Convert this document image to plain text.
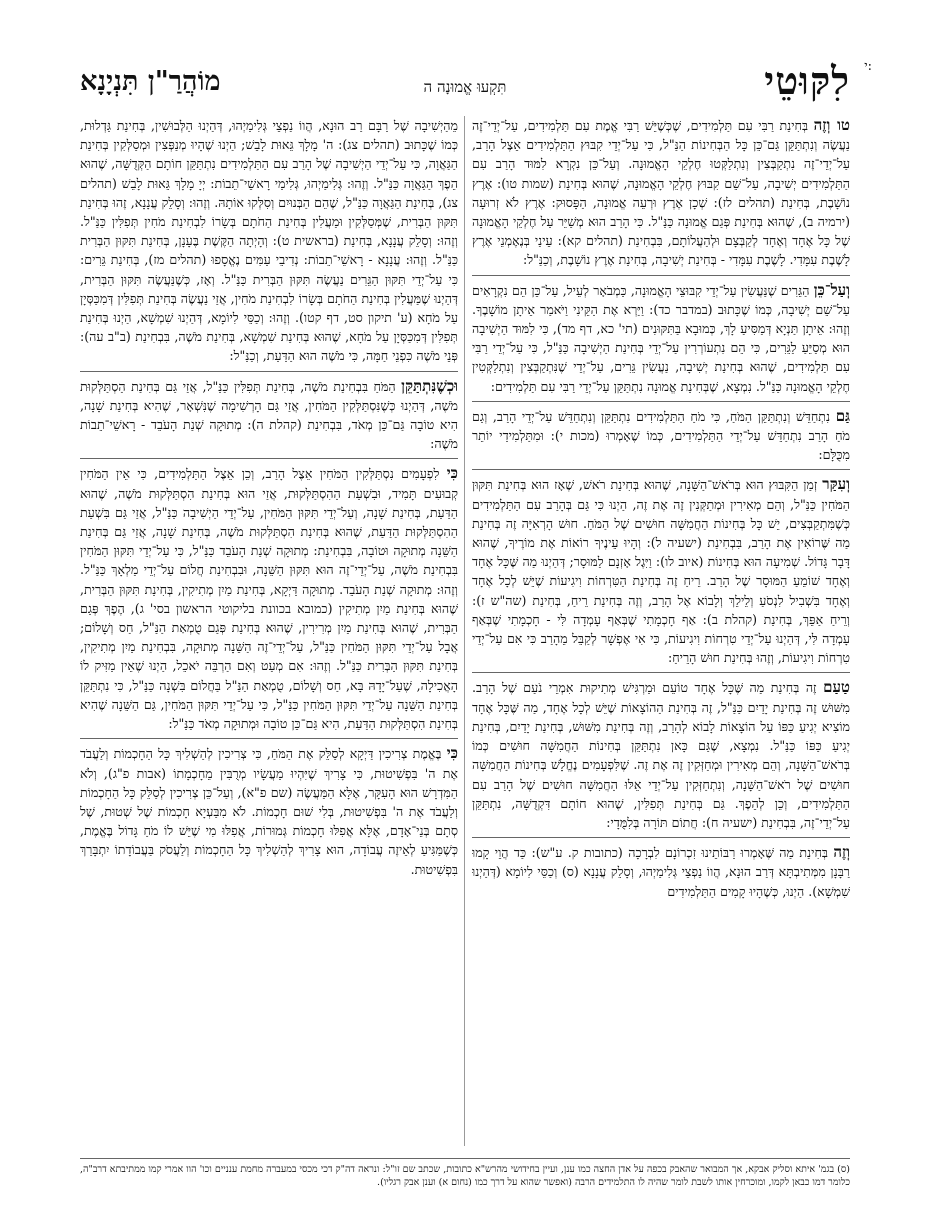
י:
לִקּוּטֵי
תִּקְעוּ אֱמוּנָה ה
מוֹהֲרַ"ן תִּנְיָנָא

טו וְזֶה בְּחִינַת רַבִּי עִם תַּלְמִידִים, שֶׁכְּשֶׁיֵּשׁ רַבִּי אֱמֶת עִם תַּלְמִידִים, עַל־יְדֵי־זֶה נַעֲשֶׂה וְנִתְתַּקֵּן גַּם־כֵּן כָּל הַבְּחִינוֹת הַנַּ"ל, כִּי עַל־יְדֵי קִבּוּץ הַתַּלְמִידִים אֵצֶל הָרַב, עַל־יְדֵי־זֶה נִתְקַבְּצִין וְנִתְלַקְּטוּ חֶלְקֵי הָאֱמוּנָה. וְעַל־כֵּן נִקְרָא לִמּוּד הָרַב עִם הַתַּלְמִידִים יְשִׁיבָה, עַל־שֵׁם קִבּוּץ חֶלְקֵי הָאֱמוּנָה, שֶׁהוּא בְּחִינַת (שמות טו): אֶרֶץ נוֹשָׁבֶת, בְּחִינַת (תהלים לז): שְׁכָן אֶרֶץ וּרְעֵה אֱמוּנָה, הַפָּסוּק: אֶרֶץ לֹא זְרוּעָה (ירמיה ב), שֶׁהוּא בְּחִינַת פְּגַם אֱמוּנָה כַּנַּ"ל. כִּי הָרַב הוּא מְשַׁיֵּר עַל חֶלְקֵי הָאֱמוּנָה שֶׁל כָּל אֶחָד וְאֶחָד לְקַבְּצָם וּלְהַעֲלוֹתָם, בִּבְחִינַת (תהלים קא): עֵינַי בְּנֶאֶמְנֵי אֶרֶץ לָשֶׁבֶת עִמָּדִי. לָשֶׁבֶת עִמָּדִי - בְּחִינַת יְשִׁיבָה, בְּחִינַת אֶרֶץ נוֹשָׁבֶת, וְכַנַּ"ל:

וְעַל־כֵּן הַגֵּרִים שֶׁנַּעֲשִׂין עַל־יְדֵי קִבּוּצֵי הָאֱמוּנָה, כַּמְבֹאָר לְעֵיל, עַל־כֵּן הֵם נִקְרָאִים עַל־שֵׁם יְשִׁיבָה, כְּמוֹ שֶׁכָּתוּב (במדבר כד): וַיַּרְא אֶת הַקֵּינִי וַיֹּאמַר אֵיתָן מוֹשָׁבֶךָ. וְזֶהוּ: אֵיתָן תַּנְיָא דְּמַסִּיעַ לָךְ, כְּמוּבָא בַּתִּקּוּנִים (תי' כא, דף מד), כִּי לִמּוּד הַיְשִׁיבָה הוּא מְסַיֵּעַ לַגֵּרִים, כִּי הֵם נִתְעוֹרְרִין עַל־יְדֵי בְּחִינַת הַיְשִׁיבָה כַּנַּ"ל, כִּי עַל־יְדֵי רַבִּי עִם תַּלְמִידִים, שֶׁהוּא בְּחִינַת יְשִׁיבָה, נַעֲשִׂין גֵּרִים, עַל־יְדֵי שֶׁנִּתְקַבְּצִין וְנִתְלַקְּטִין חֶלְקֵי הָאֱמוּנָה כַּנַּ"ל. נִמְצָא, שֶׁבְּחִינַת אֱמוּנָה נִתְתַּקֵּן עַל־יְדֵי רַבִּי עִם תַּלְמִידִים:

גַּם נִתְחַדֵּשׁ וְנִתְתַּקֵּן הַמֹּחַ, כִּי מֹחַ הַתַּלְמִידִים נִתְתַּקֵּן וְנִתְחַדֵּשׁ עַל־יְדֵי הָרַב, וְגַם מֹחַ הָרַב נִתְחַדֵּשׁ עַל־יְדֵי הַתַּלְמִידִים, כְּמוֹ שֶׁאָמְרוּ (מכות י): וּמִתַּלְמִידַי יוֹתֵר מִכֻּלָּם:

וְעִקַּר זְמַן הַקִּבּוּץ הוּא בְּרֹאשׁ־הַשָּׁנָה, שֶׁהוּא בְּחִינַת רֹאשׁ, שֶׁאָז הוּא בְּחִינַת תִּקּוּן הַמֹּחִין כַּנַּ"ל, וְהֵם מְאִירִין וּמְתַקְּנִין זֶה אֶת זֶה, הַיְנוּ כִּי גַּם בְּהָרַב עִם הַתַּלְמִידִים כְּשֶׁמִּתְקַבְּצִים, יֵשׁ כָּל בְּחִינוֹת הַחֲמִשָּׁה חוּשִׁים שֶׁל הַמֹּחַ. חוּשׁ הָרְאִיָּה זֶה בְּחִינַת מַה שֶּׁרוֹאִין אֶת הָרַב, בִּבְחִינַת (ישעיה ל): וְהָיוּ עֵינֶיךָ רוֹאוֹת אֶת מוֹרֶיךָ, שֶׁהוּא דָּבָר גָּדוֹל. שְׁמִיעָה הוּא בְּחִינוֹת (איוב לו): וַיִּגֶל אָזְנָם לַמּוּסָר; דְּהַיְנוּ מַה שֶּׁכָּל אֶחָד וְאֶחָד שׁוֹמֵעַ הַמּוּסָר שֶׁל הָרַב. רֵיחַ זֶה בְּחִינַת הַטִּרְחוֹת וִיגִיעוֹת שֶׁיֵּשׁ לְכָל אֶחָד וְאֶחָד בִּשְׁבִיל לִנְסֹעַ וְלֵילֵךְ וְלָבוֹא אֶל הָרַב, וְזֶה בְּחִינַת רֵיחַ, בְּחִינַת (שה"ש ז): וְרֵיחַ אַפֵּךְ, בְּחִינַת (קהלת ב): אַף חָכְמָתִי שֶׁבְּאַף עָמְדָה לִּי - חָכְמָתִי שֶׁבְּאַף עָמְדָה לִּי, דְּהַיְנוּ עַל־יְדֵי טִרְחוֹת וִיגִיעוֹת, כִּי אִי אֶפְשָׁר לְקַבֵּל מֵהָרַב כִּי אִם עַל־יְדֵי טִרְחוֹת וִיגִיעוֹת, וְזֶהוּ בְּחִינַת חוּשׁ הָרֵיחַ:

טַעַם זֶה בְּחִינַת מַה שֶּׁכָּל אֶחָד טוֹעֵם וּמַרְגִּישׁ מְתִיקוּת אִמְרֵי נֹעַם שֶׁל הָרַב. מִשּׁוּשׁ זֶה בְּחִינַת יָדַיִם כַּנַּ"ל, זֶה בְּחִינַת הַהוֹצָאוֹת שֶׁיֵּשׁ לְכָל אֶחָד, מַה שֶּׁכָּל אֶחָד מוֹצִיא יְגִיעַ כַּפּוֹ עַל הוֹצָאוֹת לָבוֹא לְהָרַב, וְזֶה בְּחִינַת מִשּׁוּשׁ, בְּחִינַת יָדַיִם, בְּחִינַת יְגִיעַ כַּפּוֹ כַּנַּ"ל. נִמְצָא, שֶׁגַּם כָּאן נִתְתַּקֵּן בְּחִינוֹת הַחֲמִשָּׁה חוּשִׁים כְּמוֹ בְּרֹאשׁ־הַשָּׁנָה, וְהֵם מְאִירִין וּמְחַזְּקִין זֶה אֶת זֶה. שֶׁלִּפְעָמִים נֶחֱלָשׁ בְּחִינוֹת הַחֲמִשָּׁה חוּשִׁים שֶׁל רֹאשׁ־הַשָּׁנָה, וְנִתְחַזְּקִין עַל־יְדֵי אֵלּוּ הַחֲמִשָּׁה חוּשִׁים שֶׁל הָרַב עִם הַתַּלְמִידִים, וְכֵן לְהֵפֶךְ. גַּם בְּחִינַת תְּפִלִּין, שֶׁהוּא חוֹתָם דִּקְדֻשָּׁה, נִתְתַּקֵּן עַל־יְדֵי־זֶה, בִּבְחִינַת (ישעיה ח): חֲתוֹם תּוֹרָה בְּלִמֻּדָי:

וְזֶה בְּחִינַת מַה שֶּׁאָמְרוּ רַבּוֹתֵינוּ זִכְרוֹנָם לִבְרָכָה (כתובות ק. ע"ש): כַּד הֲוֵי קָמוּ רַבָּנָן מִמְּתִיבְתָּא דְּרַב הוּנָא, הֲווֹ נַפְצֵי גְּלִימַיְהוּ, וְסָלֵק עֲנָנָא (ס) וְכַסֵּי לִיוֹמָא (דְּהַיְנוּ שִׁמְשָׁא). הַיְנוּ, כְּשֶׁהָיוּ קָמִים הַתַּלְמִידִים

מֵהַיְשִׁיבָה שֶׁל רַבָּם רַב הוּנָא, הֲווֹ נַפְצֵי גְּלִימַיְהוּ, דְּהַיְנוּ הַלְּבוּשִׁין, בְּחִינַת גַּדְלוּת, כְּמוֹ שֶׁכָּתוּב (תהלים צג): ה' מָלָךְ גֵּאוּת לָבֵשׁ; הַיְנוּ שֶׁהָיוּ מְנַפְּצִין וּמְסַלְּקִין בְּחִינַת הַגַּאֲוָה, כִּי עַל־יְדֵי הַיְשִׁיבָה שֶׁל הָרַב עִם הַתַּלְמִידִים נִתְתַּקֵּן חוֹתָם הַקְּדֻשָּׁה, שֶׁהוּא הֵפֶךְ הַגַּאֲוָה כַּנַּ"ל. וְזֶהוּ: גְּלִימַיְהוּ, גְּלִימַי רָאשֵׁי־תֵבוֹת: יְיָ מָלָךְ גֵּאוּת לָבֵשׁ (תהלים צג), בְּחִינַת הַגַּאֲוָה כַּנַּ"ל, שֶׁהֵם הַבְּנוּיִם וְסִלְּקוּ אוֹתָהּ. וְזֶהוּ: וְסָלֵק עֲנָנָא, זֶהוּ בְּחִינַת תִּקּוּן הַבְּרִית, שֶׁמְּסַלְּקִין וּמַעֲלִין בְּחִינַת הַחֹתָם בְּשָׂרוֹ לִבְחִינַת מֹחִין תְּפִלִּין כַּנַּ"ל. וְזֶהוּ: וְסָלֵק עֲנָנָא, בְּחִינַת (בראשית ט): וְהָיְתָה הַקֶּשֶׁת בֶּעָנָן, בְּחִינַת תִּקּוּן הַבְּרִית כַּנַּ"ל. וְזֶהוּ: עֲנָנָא - רָאשֵׁי־תֵבוֹת: נְדִיבֵי עַמִּים נֶאֱסָפוּ (תהלים מז), בְּחִינַת גֵּרִים: כִּי עַל־יְדֵי תִּקּוּן הַגֵּרִים נַעֲשֶׂה תִּקּוּן הַבְּרִית כַּנַּ"ל. וְאָז, כְּשֶׁנַּעֲשֶׂה תִּקּוּן הַבְּרִית, דְּהַיְנוּ שֶׁמַּעֲלִין בְּחִינַת הַחֹתָם בְּשָׂרוֹ לִבְחִינַת מֹחִין, אֲזַי נַעֲשֶׂה בְּחִינַת תְּפִלִּין דְּמִכַּסְּיָן עַל מֹחָא (ע' תיקון סט, דף קטו). וְזֶהוּ: וְכַסֵּי לִיוֹמָא, דְּהַיְנוּ שִׁמְשָׁא, הַיְנוּ בְּחִינַת תְּפִלִּין דְּמִכַּסְּיָן עַל מֹחָא, שֶׁהוּא בְּחִינַת שִׁמְשָׁא, בְּחִינַת מֹשֶׁה, בִּבְחִינַת (ב"ב עה): פְּנֵי מֹשֶׁה כִּפְנֵי חַמָּה, כִּי מֹשֶׁה הוּא הַדַּעַת, וְכַנַּ"ל:

וּכְשֶׁנִּתְתַּקֵּן הַמֹּחַ בִּבְחִינַת מֹשֶׁה, בְּחִינַת תְּפִלִּין כַּנַּ"ל, אֲזַי גַּם בְּחִינַת הַסְתַּלְּקוּת מֹשֶׁה, דְּהַיְנוּ כְּשֶׁנִּסְתַּלְּקִין הַמֹּחִין, אֲזַי גַּם הָרְשִׁימָה שֶׁנִּשְׁאָר, שֶׁהִיא בְּחִינַת שָׁנָה, הִיא טוֹבָה גַּם־כֵּן מְאֹד, בִּבְחִינַת (קהלת ה): מְתוּקָה שְׁנַת הָעֹבֵד - רָאשֵׁי־תֵבוֹת מֹשֶׁה:

כִּי לִפְעָמִים נִסְתַּלְּקִין הַמֹּחִין אֵצֶל הָרַב, וְכֵן אֵצֶל הַתַּלְמִידִים, כִּי אֵין הַמֹּחִין קְבוּעִים תָּמִיד, וּבִשְׁעַת הַהִסְתַּלְּקוּת, אֲזַי הוּא בְּחִינַת הִסְתַּלְּקוּת מֹשֶׁה, שֶׁהוּא הַדַּעַת, בְּחִינַת שָׁנָה, וְעַל־יְדֵי תִּקּוּן הַמֹּחִין, עַל־יְדֵי הַיְשִׁיבָה כַּנַּ"ל, אֲזַי גַּם בִּשְׁעַת הַהִסְתַּלְּקוּת הַדַּעַת, שֶׁהוּא בְּחִינַת הִסְתַּלְּקוּת מֹשֶׁה, בְּחִינַת שָׁנָה, אֲזַי גַּם בְּחִינַת הַשֵּׁנָה מְתוּקָה וּטוֹבָה, בִּבְחִינַת: מְתוּקָה שְׁנַת הָעֹבֵד כַּנַּ"ל, כִּי עַל־יְדֵי תִּקּוּן הַמֹּחִין בִּבְחִינַת מֹשֶׁה, עַל־יְדֵי־זֶה הוּא תִּקּוּן הַשֵּׁנָה, וּבִבְחִינַת חֲלוֹם עַל־יְדֵי מַלְאָךְ כַּנַּ"ל. וְזֶהוּ: מְתוּקָה שְׁנַת הָעֹבֵד. מְתוּקָה דַּיְקָא, בְּחִינַת מַיִן מְתִיקִין, בְּחִינַת תִּקּוּן הַבְּרִית, שֶׁהוּא בְּחִינַת מַיִן מְתִיקִין (כמובא בכוונת בליקוטי הראשון בסי' ג), הֶפֶךְ פְּגַם הַבְּרִית, שֶׁהוּא בְּחִינַת מַיִן מְרִירִין, שֶׁהוּא בְּחִינַת פְּגַם טֻמְאַת הַנַּ"ל, חַס וְשָׁלוֹם; אֲבָל עַל־יְדֵי תִּקּוּן הַמֹּחִין כַּנַּ"ל, עַל־יְדֵי־זֶה הַשֵּׁנָה מְתוּקָה, בִּבְחִינַת מַיִן מְתִיקִין, בְּחִינַת תִּקּוּן הַבְּרִית כַּנַּ"ל. וְזֶהוּ: אִם מְעַט וְאִם הַרְבֵּה יֹאכֵל, הַיְנוּ שֶׁאֵין מַזִּיק לוֹ הָאֲכִילָה, שֶׁעַל־יָדָהּ בָּא, חַס וְשָׁלוֹם, טֻמְאַת הַנַּ"ל בַּחֲלוֹם בִּשְׁנָה כַּנַּ"ל, כִּי נִתְתַּקֵּן בְּחִינַת הַשֵּׁנָה עַל־יְדֵי תִּקּוּן הַמֹּחִין כַּנַּ"ל, כִּי עַל־יְדֵי תִּקּוּן הַמֹּחִין, גַּם הַשֵּׁנָה שֶׁהִיא בְּחִינַת הִסְתַּלְּקוּת הַדַּעַת, הִיא גַּם־כֵּן טוֹבָה וּמְתוּקָה מְאֹד כַּנַּ"ל:

כִּי בֶּאֱמֶת צְרִיכִין דַּיְקָא לְסַלֵּק אֶת הַמֹּחַ, כִּי צְרִיכִין לְהַשְׁלִיךְ כָּל הַחָכְמוֹת וְלַעֲבֹד אֶת ה' בִּפְשִׁיטוּת, כִּי צָרִיךְ שֶׁיִּהְיוּ מַעֲשָׂיו מְרֻבִּין מֵחָכְמָתוֹ (אבות פ"ג), וְלֹא הַמִּדְרָשׁ הוּא הָעִקָּר, אֶלָּא הַמַּעֲשֶׂה (שם פ"א), וְעַל־כֵּן צְרִיכִין לְסַלֵּק כָּל הַחָכְמוֹת וְלַעֲבֹד אֶת ה' בִּפְשִׁיטוּת, בְּלִי שׁוּם חָכְמוֹת. לֹא מִבַּעְיָא חָכְמוֹת שֶׁל שְׁטוּת, שֶׁל סְתָם בְּנֵי־אָדָם, אֶלָּא אֲפִלּוּ חָכְמוֹת גְּמוּרוֹת, אֲפִלּוּ מִי שֶׁיֵּשׁ לוֹ מֹחַ גָּדוֹל בֶּאֱמֶת, כְּשֶׁמַּגִּיעַ לְאֵיזֶה עֲבוֹדָה, הוּא צָרִיךְ לְהַשְׁלִיךְ כָּל הַחָכְמוֹת וְלַעֲסֹק בַּעֲבוֹדָתוֹ יִתְבָּרַךְ בִּפְשִׁיטוּת.

(ס) בגמ' איתא וסליק אבקא, אך המבואר שהאבק בכפה על אדן החצה כמו ענן, ועיין בחידושי מהרש"א כתובות, שכתב שם זו"ל: ונראה דה"ק דכי מכסי במעברה מחמת ענניים וכו' הוו אמרי קמו ממתיבתא דרב"ה, כלומר דמו כבאן לקמו, ומוכרחין אותו לשבת לומר שהיה לו התלמידים הרבה (ואפשר שהוא על דרך כמו (נחום א) וענן אבק רגליו).
